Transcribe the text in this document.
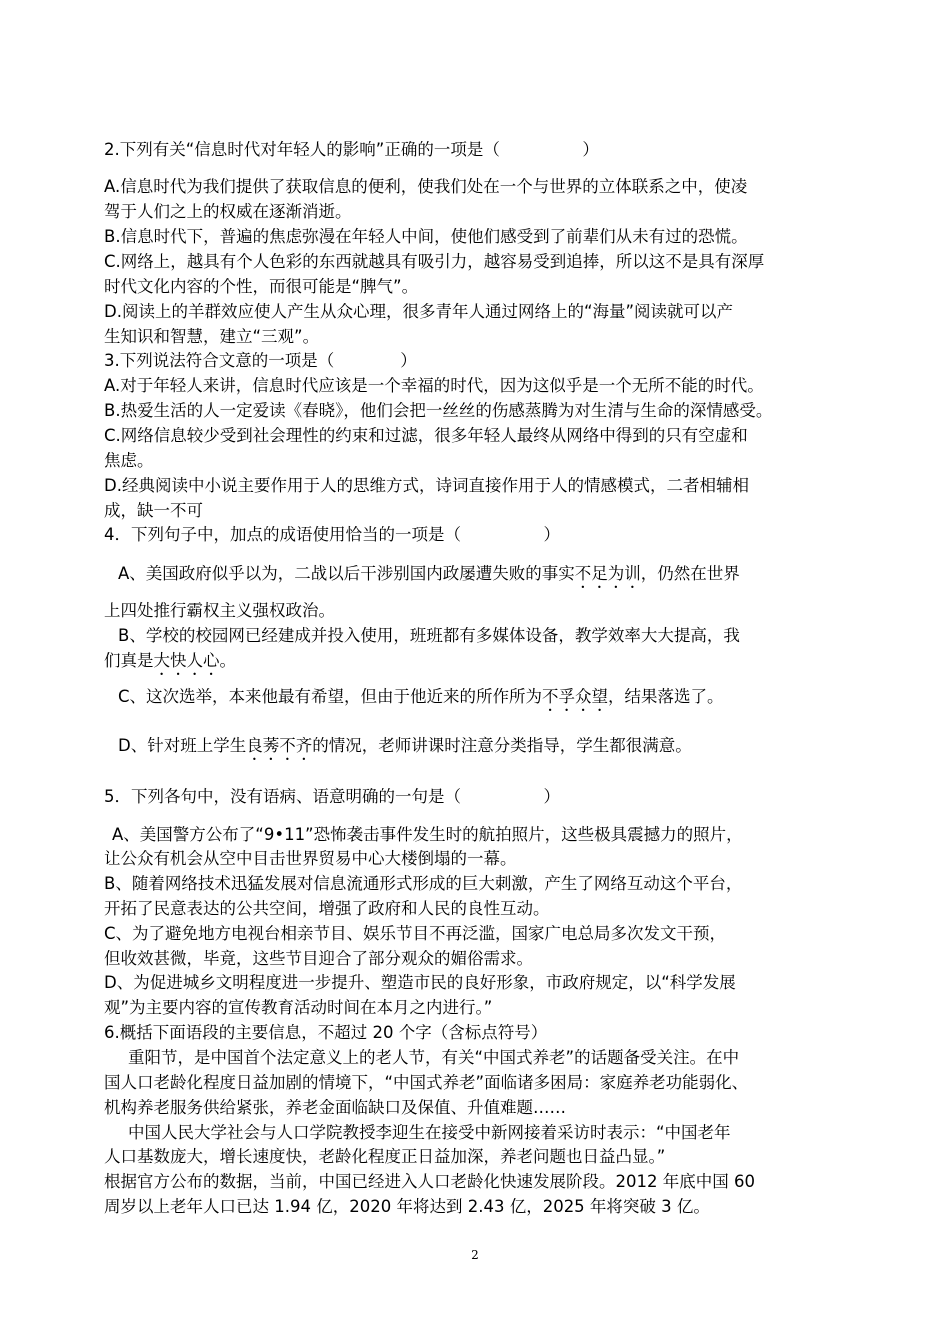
2.下列有关“信息时代对年轻人的影响”正确的一项是（　　　　　）
A.信息时代为我们提供了获取信息的便利，使我们处在一个与世界的立体联系之中，使凌
驾于人们之上的权威在逐渐消逝。
B.信息时代下，普遍的焦虑弥漫在年轻人中间，使他们感受到了前辈们从未有过的恐慌。
C.网络上，越具有个人色彩的东西就越具有吸引力，越容易受到追捧，所以这不是具有深厚
时代文化内容的个性，而很可能是“脾气”。
D.阅读上的羊群效应使人产生从众心理，很多青年人通过网络上的“海量”阅读就可以产
生知识和智慧，建立“三观”。
3.下列说法符合文意的一项是（　　　　）
A.对于年轻人来讲，信息时代应该是一个幸福的时代，因为这似乎是一个无所不能的时代。
B.热爱生活的人一定爱读《春晓》，他们会把一丝丝的伤感蒸腾为对生清与生命的深情感受。
C.网络信息较少受到社会理性的约束和过滤，很多年轻人最终从网络中得到的只有空虚和
焦虑。
D.经典阅读中小说主要作用于人的思维方式，诗词直接作用于人的情感模式，二者相辅相
成，缺一不可
4．下列句子中，加点的成语使用恰当的一项是（　　　　　）
A、美国政府似乎以为，二战以后干涉别国内政屡遭失败的事实不足为训，仍然在世界
上四处推行霸权主义强权政治。
B、学校的校园网已经建成并投入使用，班班都有多媒体设备，教学效率大大提高，我
们真是大快人心。
C、这次选举，本来他最有希望，但由于他近来的所作所为不孚众望，结果落选了。
D、针对班上学生良莠不齐的情况，老师讲课时注意分类指导，学生都很满意。
5．下列各句中，没有语病、语意明确的一句是（　　　　　）
A、美国警方公布了“9•11”恐怖袭击事件发生时的航拍照片，这些极具震撼力的照片，
让公众有机会从空中目击世界贸易中心大楼倒塌的一幕。
B、随着网络技术迅猛发展对信息流通形式形成的巨大刺激，产生了网络互动这个平台，
开拓了民意表达的公共空间，增强了政府和人民的良性互动。
C、为了避免地方电视台相亲节目、娱乐节目不再泛滥，国家广电总局多次发文干预，
但收效甚微，毕竟，这些节目迎合了部分观众的媚俗需求。
D、为促进城乡文明程度进一步提升、塑造市民的良好形象，市政府规定，以“科学发展
观”为主要内容的宣传教育活动时间在本月之内进行。”
6.概括下面语段的主要信息，不超过 20 个字（含标点符号）
重阳节，是中国首个法定意义上的老人节，有关“中国式养老”的话题备受关注。在中
国人口老龄化程度日益加剧的情境下，“中国式养老”面临诸多困局：家庭养老功能弱化、
机构养老服务供给紧张，养老金面临缺口及保值、升值难题……
中国人民大学社会与人口学院教授李迎生在接受中新网接着采访时表示：“中国老年
人口基数庞大，增长速度快，老龄化程度正日益加深，养老问题也日益凸显。”
根据官方公布的数据，当前，中国已经进入人口老龄化快速发展阶段。2012 年底中国 60
周岁以上老年人口已达 1.94 亿，2020 年将达到 2.43 亿，2025 年将突破 3 亿。
2
